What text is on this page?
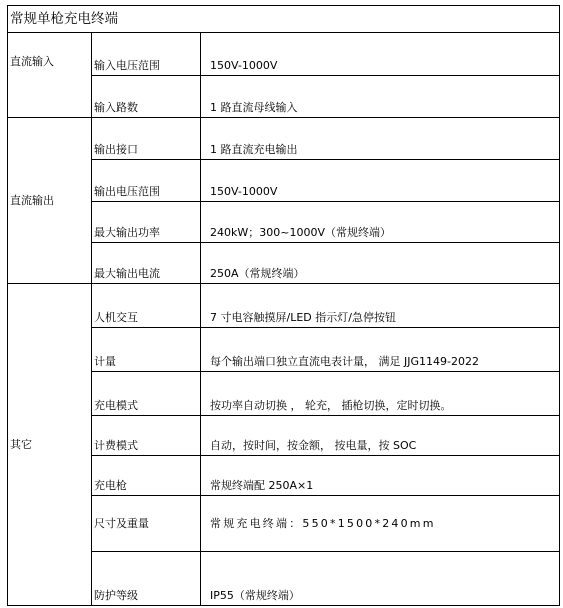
常规单枪充电终端		
直流输入	输入电压范围	150V-1000V
	输入路数	1 路直流母线输入
直流输出	输出接口	1 路直流充电输出
	输出电压范围	150V-1000V
	最大输出功率	240kW；300~1000V（常规终端）
	最大输出电流	250A（常规终端）
其它	人机交互	7 寸电容触摸屏/LED 指示灯/急停按钮
	计量	每个输出端口独立直流电表计量， 满足 JJG1149-2022
	充电模式	按功率自动切换 ， 轮充， 插枪切换，定时切换。
	计费模式	自动，按时间，按金额， 按电量，按 SOC
	充电枪	常规终端配 250A×1
	尺寸及重量	常规充电终端：550*1500*240mm
	防护等级	IP55（常规终端）
